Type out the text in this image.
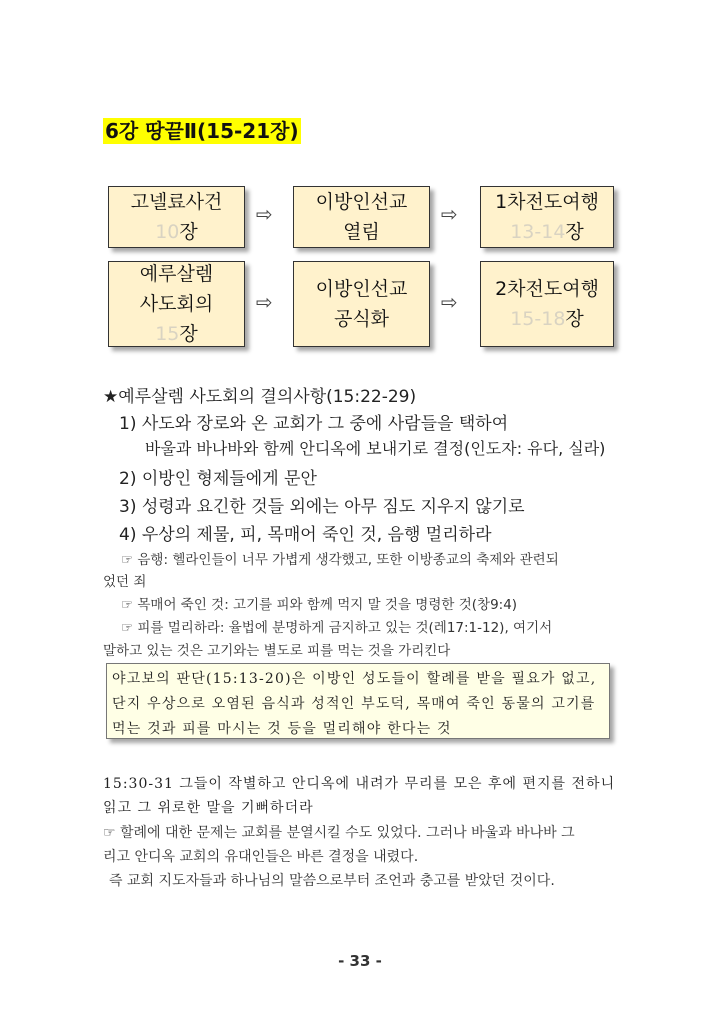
6강 땅끝Ⅱ(15-21장)
고넬료사건
10장
⇨ 이방인선교
열림
⇨ 1차전도여행
13-14장
예루살렘
사도회의
15장
⇨
이방인선교
공식화
⇨
2차전도여행
15-18장
★예루살렘 사도회의 결의사항(15:22-29)
1) 사도와 장로와 온 교회가 그 중에 사람들을 택하여
바울과 바나바와 함께 안디옥에 보내기로 결정(인도자: 유다, 실라)
2) 이방인 형제들에게 문안
3) 성령과 요긴한 것들 외에는 아무 짐도 지우지 않기로
4) 우상의 제물, 피, 목매어 죽인 것, 음행 멀리하라
☞ 음행: 헬라인들이 너무 가볍게 생각했고, 또한 이방종교의 축제와 관련되
었던 죄
☞ 목매어 죽인 것: 고기를 피와 함께 먹지 말 것을 명령한 것(창9:4)
☞ 피를 멀리하라: 율법에 분명하게 금지하고 있는 것(레17:1-12), 여기서
말하고 있는 것은 고기와는 별도로 피를 먹는 것을 가리킨다
야고보의 판단(15:13-20)은 이방인 성도들이 할례를 받을 필요가 없고,
단지 우상으로 오염된 음식과 성적인 부도덕, 목매여 죽인 동물의 고기를
먹는 것과 피를 마시는 것 등을 멀리해야 한다는 것
15:30-31 그들이 작별하고 안디옥에 내려가 무리를 모은 후에 편지를 전하니
읽고 그 위로한 말을 기뻐하더라
☞ 할례에 대한 문제는 교회를 분열시킬 수도 있었다. 그러나 바울과 바나바 그
리고 안디옥 교회의 유대인들은 바른 결정을 내렸다.
즉 교회 지도자들과 하나님의 말씀으로부터 조언과 충고를 받았던 것이다.
- 33 -
